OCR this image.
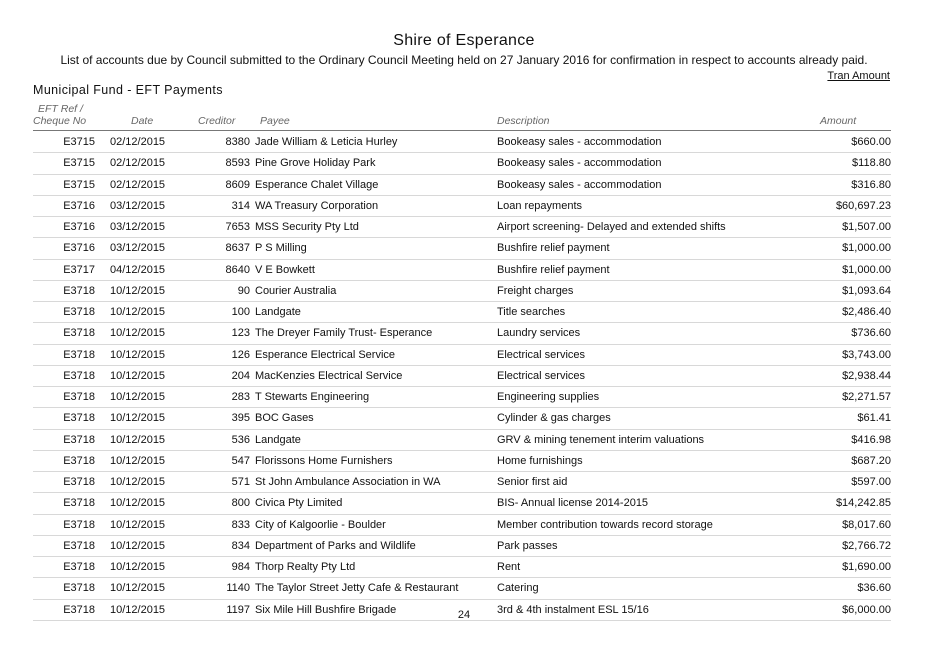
Shire of Esperance
List of accounts due by Council submitted to the Ordinary Council Meeting held on 27 January 2016 for confirmation in respect to accounts already paid.
Tran Amount
Municipal Fund - EFT Payments
EFT Ref /
Cheque No	Date	Creditor Payee	Description	Amount
E3715 02/12/2015	8380 Jade William & Leticia Hurley	Bookeasy sales - accommodation	$660.00
E3715 02/12/2015	8593 Pine Grove Holiday Park	Bookeasy sales - accommodation	$118.80
E3715 02/12/2015	8609 Esperance Chalet Village	Bookeasy sales - accommodation	$316.80
E3716 03/12/2015	314 WA Treasury Corporation	Loan repayments	$60,697.23
E3716 03/12/2015	7653 MSS Security Pty Ltd	Airport screening- Delayed and extended shifts	$1,507.00
E3716 03/12/2015	8637 P S Milling	Bushfire relief payment	$1,000.00
E3717 04/12/2015	8640 V E Bowkett	Bushfire relief payment	$1,000.00
E3718 10/12/2015	90 Courier Australia	Freight charges	$1,093.64
E3718 10/12/2015	100 Landgate	Title searches	$2,486.40
E3718 10/12/2015	123 The Dreyer Family Trust- Esperance	Laundry services	$736.60
E3718 10/12/2015	126 Esperance Electrical Service	Electrical services	$3,743.00
E3718 10/12/2015	204 MacKenzies Electrical Service	Electrical services	$2,938.44
E3718 10/12/2015	283 T Stewarts Engineering	Engineering supplies	$2,271.57
E3718 10/12/2015	395 BOC Gases	Cylinder & gas charges	$61.41
E3718 10/12/2015	536 Landgate	GRV & mining tenement interim valuations	$416.98
E3718 10/12/2015	547 Florissons Home Furnishers	Home furnishings	$687.20
E3718 10/12/2015	571 St John Ambulance Association in WA	Senior first aid	$597.00
E3718 10/12/2015	800 Civica Pty Limited	BIS- Annual license 2014-2015	$14,242.85
E3718 10/12/2015	833 City of Kalgoorlie - Boulder	Member contribution towards record storage	$8,017.60
E3718 10/12/2015	834 Department of Parks and Wildlife	Park passes	$2,766.72
E3718 10/12/2015	984 Thorp Realty Pty Ltd	Rent	$1,690.00
E3718 10/12/2015	1140 The Taylor Street Jetty Cafe & Restaurant	Catering	$36.60
E3718 10/12/2015	1197 Six Mile Hill Bushfire Brigade	3rd & 4th instalment ESL 15/16	$6,000.00
24
